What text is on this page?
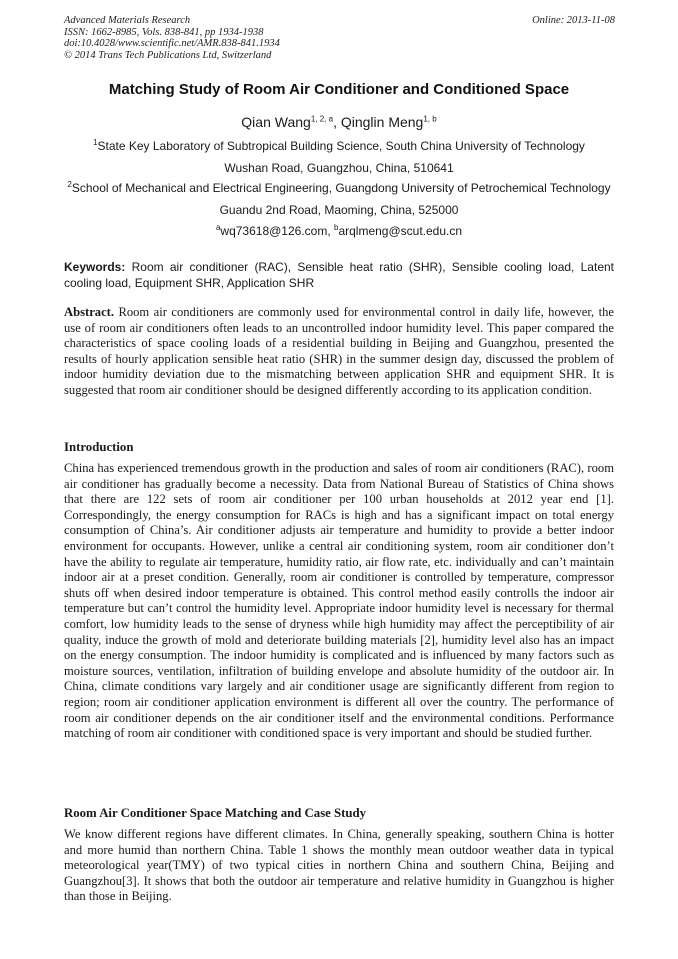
Advanced Materials Research
ISSN: 1662-8985, Vols. 838-841, pp 1934-1938
doi:10.4028/www.scientific.net/AMR.838-841.1934
© 2014 Trans Tech Publications Ltd, Switzerland
Online: 2013-11-08
Matching Study of Room Air Conditioner and Conditioned Space
Qian Wang$^{1, 2, a}$, Qinglin Meng$^{1, b}$
$^1$State Key Laboratory of Subtropical Building Science, South China University of Technology
Wushan Road, Guangzhou, China, 510641
$^2$School of Mechanical and Electrical Engineering, Guangdong University of Petrochemical Technology
Guandu 2nd Road, Maoming, China, 525000
$^a$wq73618@126.com, $^b$arqlmeng@scut.edu.cn
Keywords: Room air conditioner (RAC), Sensible heat ratio (SHR), Sensible cooling load, Latent cooling load, Equipment SHR, Application SHR
Abstract. Room air conditioners are commonly used for environmental control in daily life, however, the use of room air conditioners often leads to an uncontrolled indoor humidity level. This paper compared the characteristics of space cooling loads of a residential building in Beijing and Guangzhou, presented the results of hourly application sensible heat ratio (SHR) in the summer design day, discussed the problem of indoor humidity deviation due to the mismatching between application SHR and equipment SHR. It is suggested that room air conditioner should be designed differently according to its application condition.
Introduction
China has experienced tremendous growth in the production and sales of room air conditioners (RAC), room air conditioner has gradually become a necessity. Data from National Bureau of Statistics of China shows that there are 122 sets of room air conditioner per 100 urban households at 2012 year end [1]. Correspondingly, the energy consumption for RACs is high and has a significant impact on total energy consumption of China’s. Air conditioner adjusts air temperature and humidity to provide a better indoor environment for occupants. However, unlike a central air conditioning system, room air conditioner don’t have the ability to regulate air temperature, humidity ratio, air flow rate, etc. individually and can’t maintain indoor air at a preset condition. Generally, room air conditioner is controlled by temperature, compressor shuts off when desired indoor temperature is obtained. This control method easily controlls the indoor air temperature but can’t control the humidity level. Appropriate indoor humidity level is necessary for thermal comfort, low humidity leads to the sense of dryness while high humidity may affect the perceptibility of air quality, induce the growth of mold and deteriorate building materials [2], humidity level also has an impact on the energy consumption. The indoor humidity is complicated and is influenced by many factors such as moisture sources, ventilation, infiltration of building envelope and absolute humidity of the outdoor air. In China, climate conditions vary largely and air conditioner usage are significantly different from region to region; room air conditioner application environment is different all over the country. The performance of room air conditioner depends on the air conditioner itself and the environmental conditions. Performance matching of room air conditioner with conditioned space is very important and should be studied further.
Room Air Conditioner Space Matching and Case Study
We know different regions have different climates. In China, generally speaking, southern China is hotter and more humid than northern China. Table 1 shows the monthly mean outdoor weather data in typical meteorological year(TMY) of two typical cities in northern China and southern China, Beijing and Guangzhou[3]. It shows that both the outdoor air temperature and relative humidity in Guangzhou is higher than those in Beijing.
